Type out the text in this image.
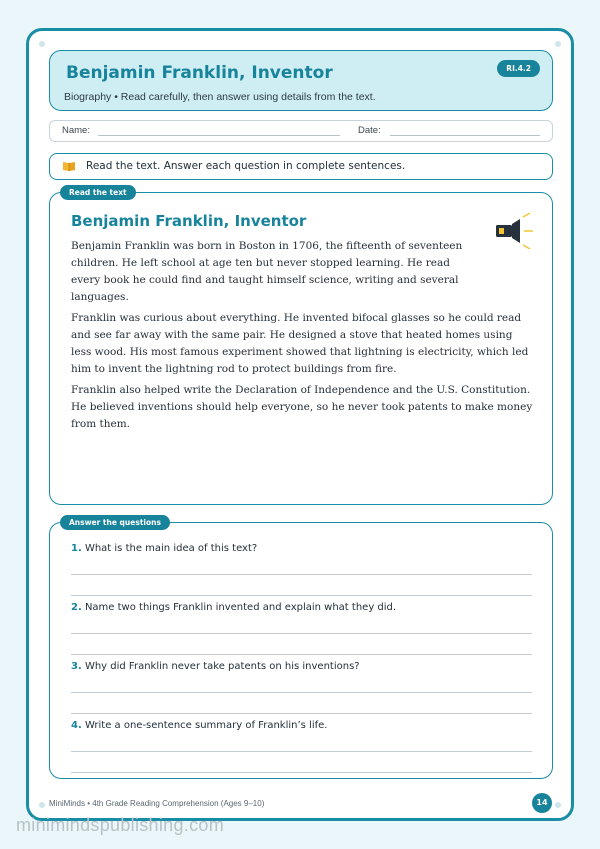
Benjamin Franklin, Inventor
Biography • Read carefully, then answer using details from the text.
RI.4.2
Name:	Date:
Read the text. Answer each question in complete sentences.
Read the text
Benjamin Franklin, Inventor

Benjamin Franklin was born in Boston in 1706, the fifteenth of seventeen children. He left school at age ten but never stopped learning. He read every book he could find and taught himself science, writing and several languages.

Franklin was curious about everything. He invented bifocal glasses so he could read and see far away with the same pair. He designed a stove that heated homes using less wood. His most famous experiment showed that lightning is electricity, which led him to invent the lightning rod to protect buildings from fire.

Franklin also helped write the Declaration of Independence and the U.S. Constitution. He believed inventions should help everyone, so he never took patents to make money from them.

Answer the questions
1. What is the main idea of this text?
2. Name two things Franklin invented and explain what they did.
3. Why did Franklin never take patents on his inventions?
4. Write a one-sentence summary of Franklin’s life.
MiniMinds • 4th Grade Reading Comprehension (Ages 9–10)	14
minimindspublishing.com
